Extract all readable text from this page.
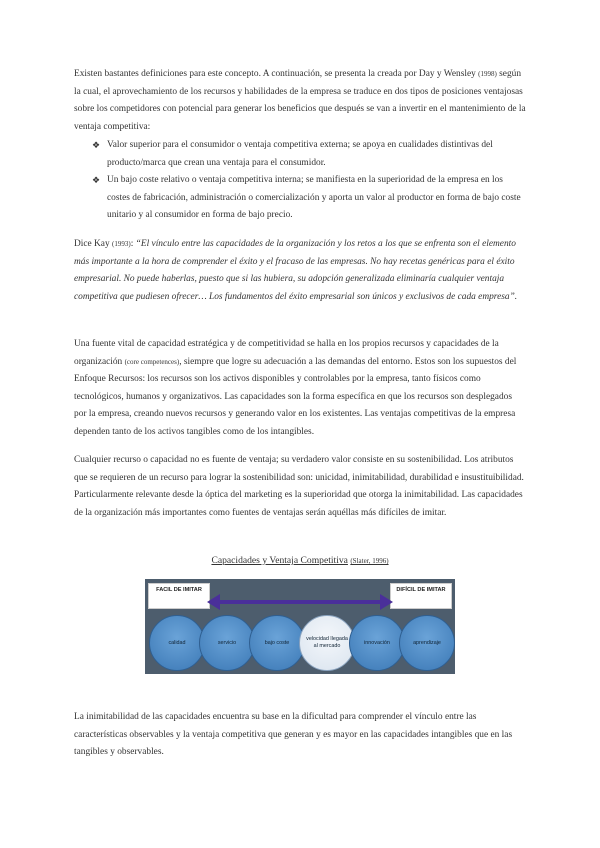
Existen bastantes definiciones para este concepto. A continuación, se presenta la creada por Day y Wensley (1998) según la cual, el aprovechamiento de los recursos y habilidades de la empresa se traduce en dos tipos de posiciones ventajosas sobre los competidores con potencial para generar los beneficios que después se van a invertir en el mantenimiento de la ventaja competitiva:

❖ Valor superior para el consumidor o ventaja competitiva externa; se apoya en cualidades distintivas del producto/marca que crean una ventaja para el consumidor.
❖ Un bajo coste relativo o ventaja competitiva interna; se manifiesta en la superioridad de la empresa en los costes de fabricación, administración o comercialización y aporta un valor al productor en forma de bajo coste unitario y al consumidor en forma de bajo precio.

Dice Kay (1993): “El vínculo entre las capacidades de la organización y los retos a los que se enfrenta son el elemento más importante a la hora de comprender el éxito y el fracaso de las empresas. No hay recetas genéricas para el éxito empresarial. No puede haberlas, puesto que si las hubiera, su adopción generalizada eliminaría cualquier ventaja competitiva que pudiesen ofrecer… Los fundamentos del éxito empresarial son únicos y exclusivos de cada empresa”.

Una fuente vital de capacidad estratégica y de competitividad se halla en los propios recursos y capacidades de la organización (core competences), siempre que logre su adecuación a las demandas del entorno. Estos son los supuestos del Enfoque Recursos: los recursos son los activos disponibles y controlables por la empresa, tanto físicos como tecnológicos, humanos y organizativos. Las capacidades son la forma específica en que los recursos son desplegados por la empresa, creando nuevos recursos y generando valor en los existentes. Las ventajas competitivas de la empresa dependen tanto de los activos tangibles como de los intangibles.

Cualquier recurso o capacidad no es fuente de ventaja; su verdadero valor consiste en su sostenibilidad. Los atributos que se requieren de un recurso para lograr la sostenibilidad son: unicidad, inimitabilidad, durabilidad e insustituibilidad. Particularmente relevante desde la óptica del marketing es la superioridad que otorga la inimitabilidad. Las capacidades de la organización más importantes como fuentes de ventajas serán aquéllas más difíciles de imitar.

Capacidades y Ventaja Competitiva (Slater, 1996)
FACIL DE IMITAR	DIFÍCIL DE IMITAR
calidad	servicio	bajo coste
velocidad llegada al mercado
innovación	aprendizaje

La inimitabilidad de las capacidades encuentra su base en la dificultad para comprender el vínculo entre las características observables y la ventaja competitiva que generan y es mayor en las capacidades intangibles que en las tangibles y observables.
